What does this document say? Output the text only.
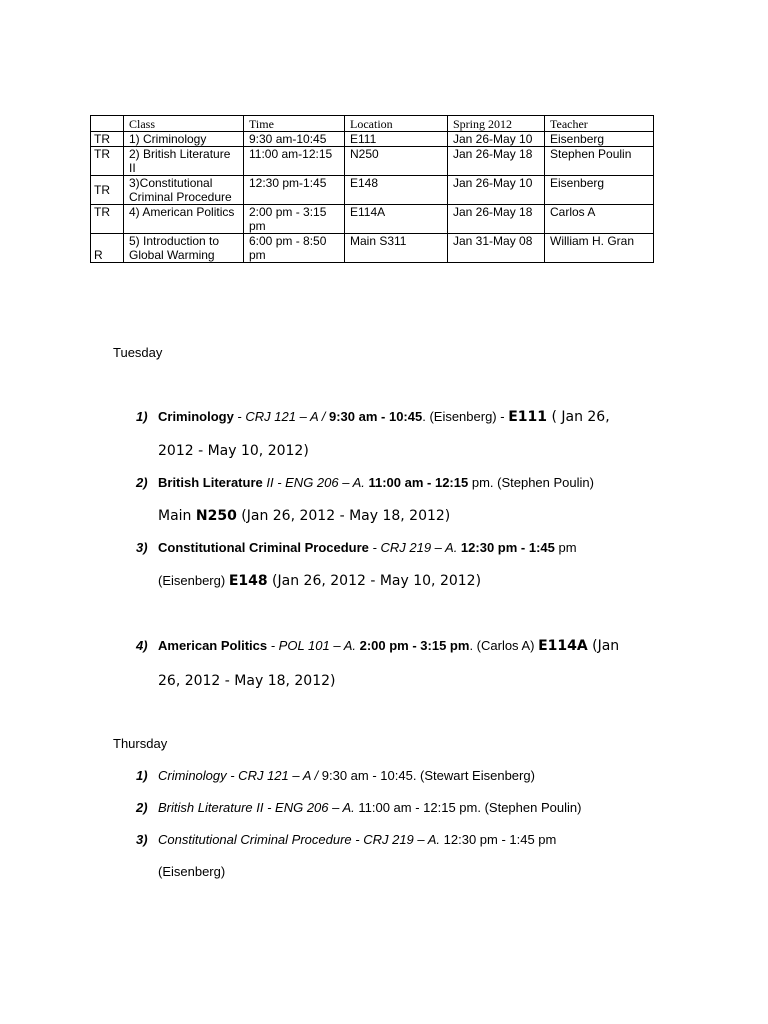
	Class	Time	Location	Spring 2012	Teacher
TR	1) Criminology	9:30 am-10:45	E111	Jan 26-May 10	Eisenberg
TR	2) British Literature II	11:00 am-12:15	N250	Jan 26-May 18	Stephen Poulin
TR	3)Constitutional Criminal Procedure	12:30 pm-1:45	E148	Jan 26-May 10	Eisenberg
TR	4) American Politics	2:00 pm - 3:15 pm	E114A	Jan 26-May 18	Carlos A
R	5) Introduction to Global Warming	6:00 pm - 8:50 pm	Main S311	Jan 31-May 08	William H. Gran
Tuesday
1) Criminology - CRJ 121 – A / 9:30 am - 10:45. (Eisenberg) - E111 ( Jan 26,
2012 - May 10, 2012)
2) British Literature II - ENG 206 – A. 11:00 am - 12:15 pm. (Stephen Poulin)
Main N250 (Jan 26, 2012 - May 18, 2012)
3) Constitutional Criminal Procedure - CRJ 219 – A. 12:30 pm - 1:45 pm
(Eisenberg) E148 (Jan 26, 2012 - May 10, 2012)
4) American Politics - POL 101 – A. 2:00 pm - 3:15 pm. (Carlos A) E114A (Jan
26, 2012 - May 18, 2012)
Thursday
1) Criminology - CRJ 121 – A / 9:30 am - 10:45. (Stewart Eisenberg)
2) British Literature II - ENG 206 – A. 11:00 am - 12:15 pm. (Stephen Poulin)
3) Constitutional Criminal Procedure - CRJ 219 – A. 12:30 pm - 1:45 pm
(Eisenberg)
